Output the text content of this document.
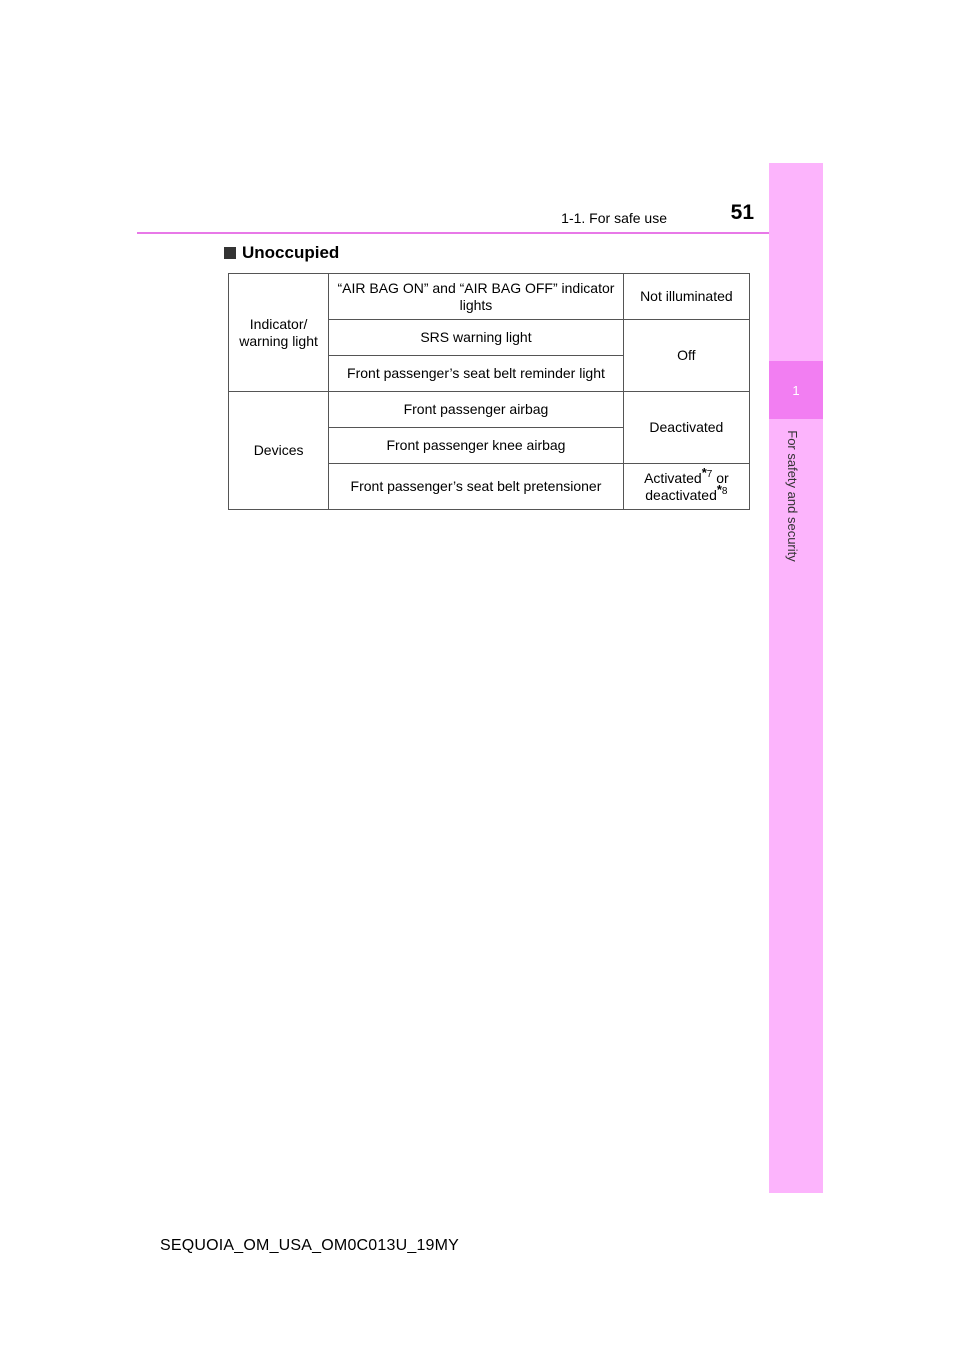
1-1. For safe use	51
1
For safety and security
Unoccupied
Indicator/ warning light	“AIR BAG ON” and “AIR BAG OFF” indicator lights	Not illuminated
	SRS warning light	Off
	Front passenger’s seat belt reminder light	
Devices	Front passenger airbag	Deactivated
	Front passenger knee airbag	
	Front passenger’s seat belt pretensioner	Activated$^{*7}$ or
deactivated$^{*8}$
SEQUOIA_OM_USA_OM0C013U_19MY
